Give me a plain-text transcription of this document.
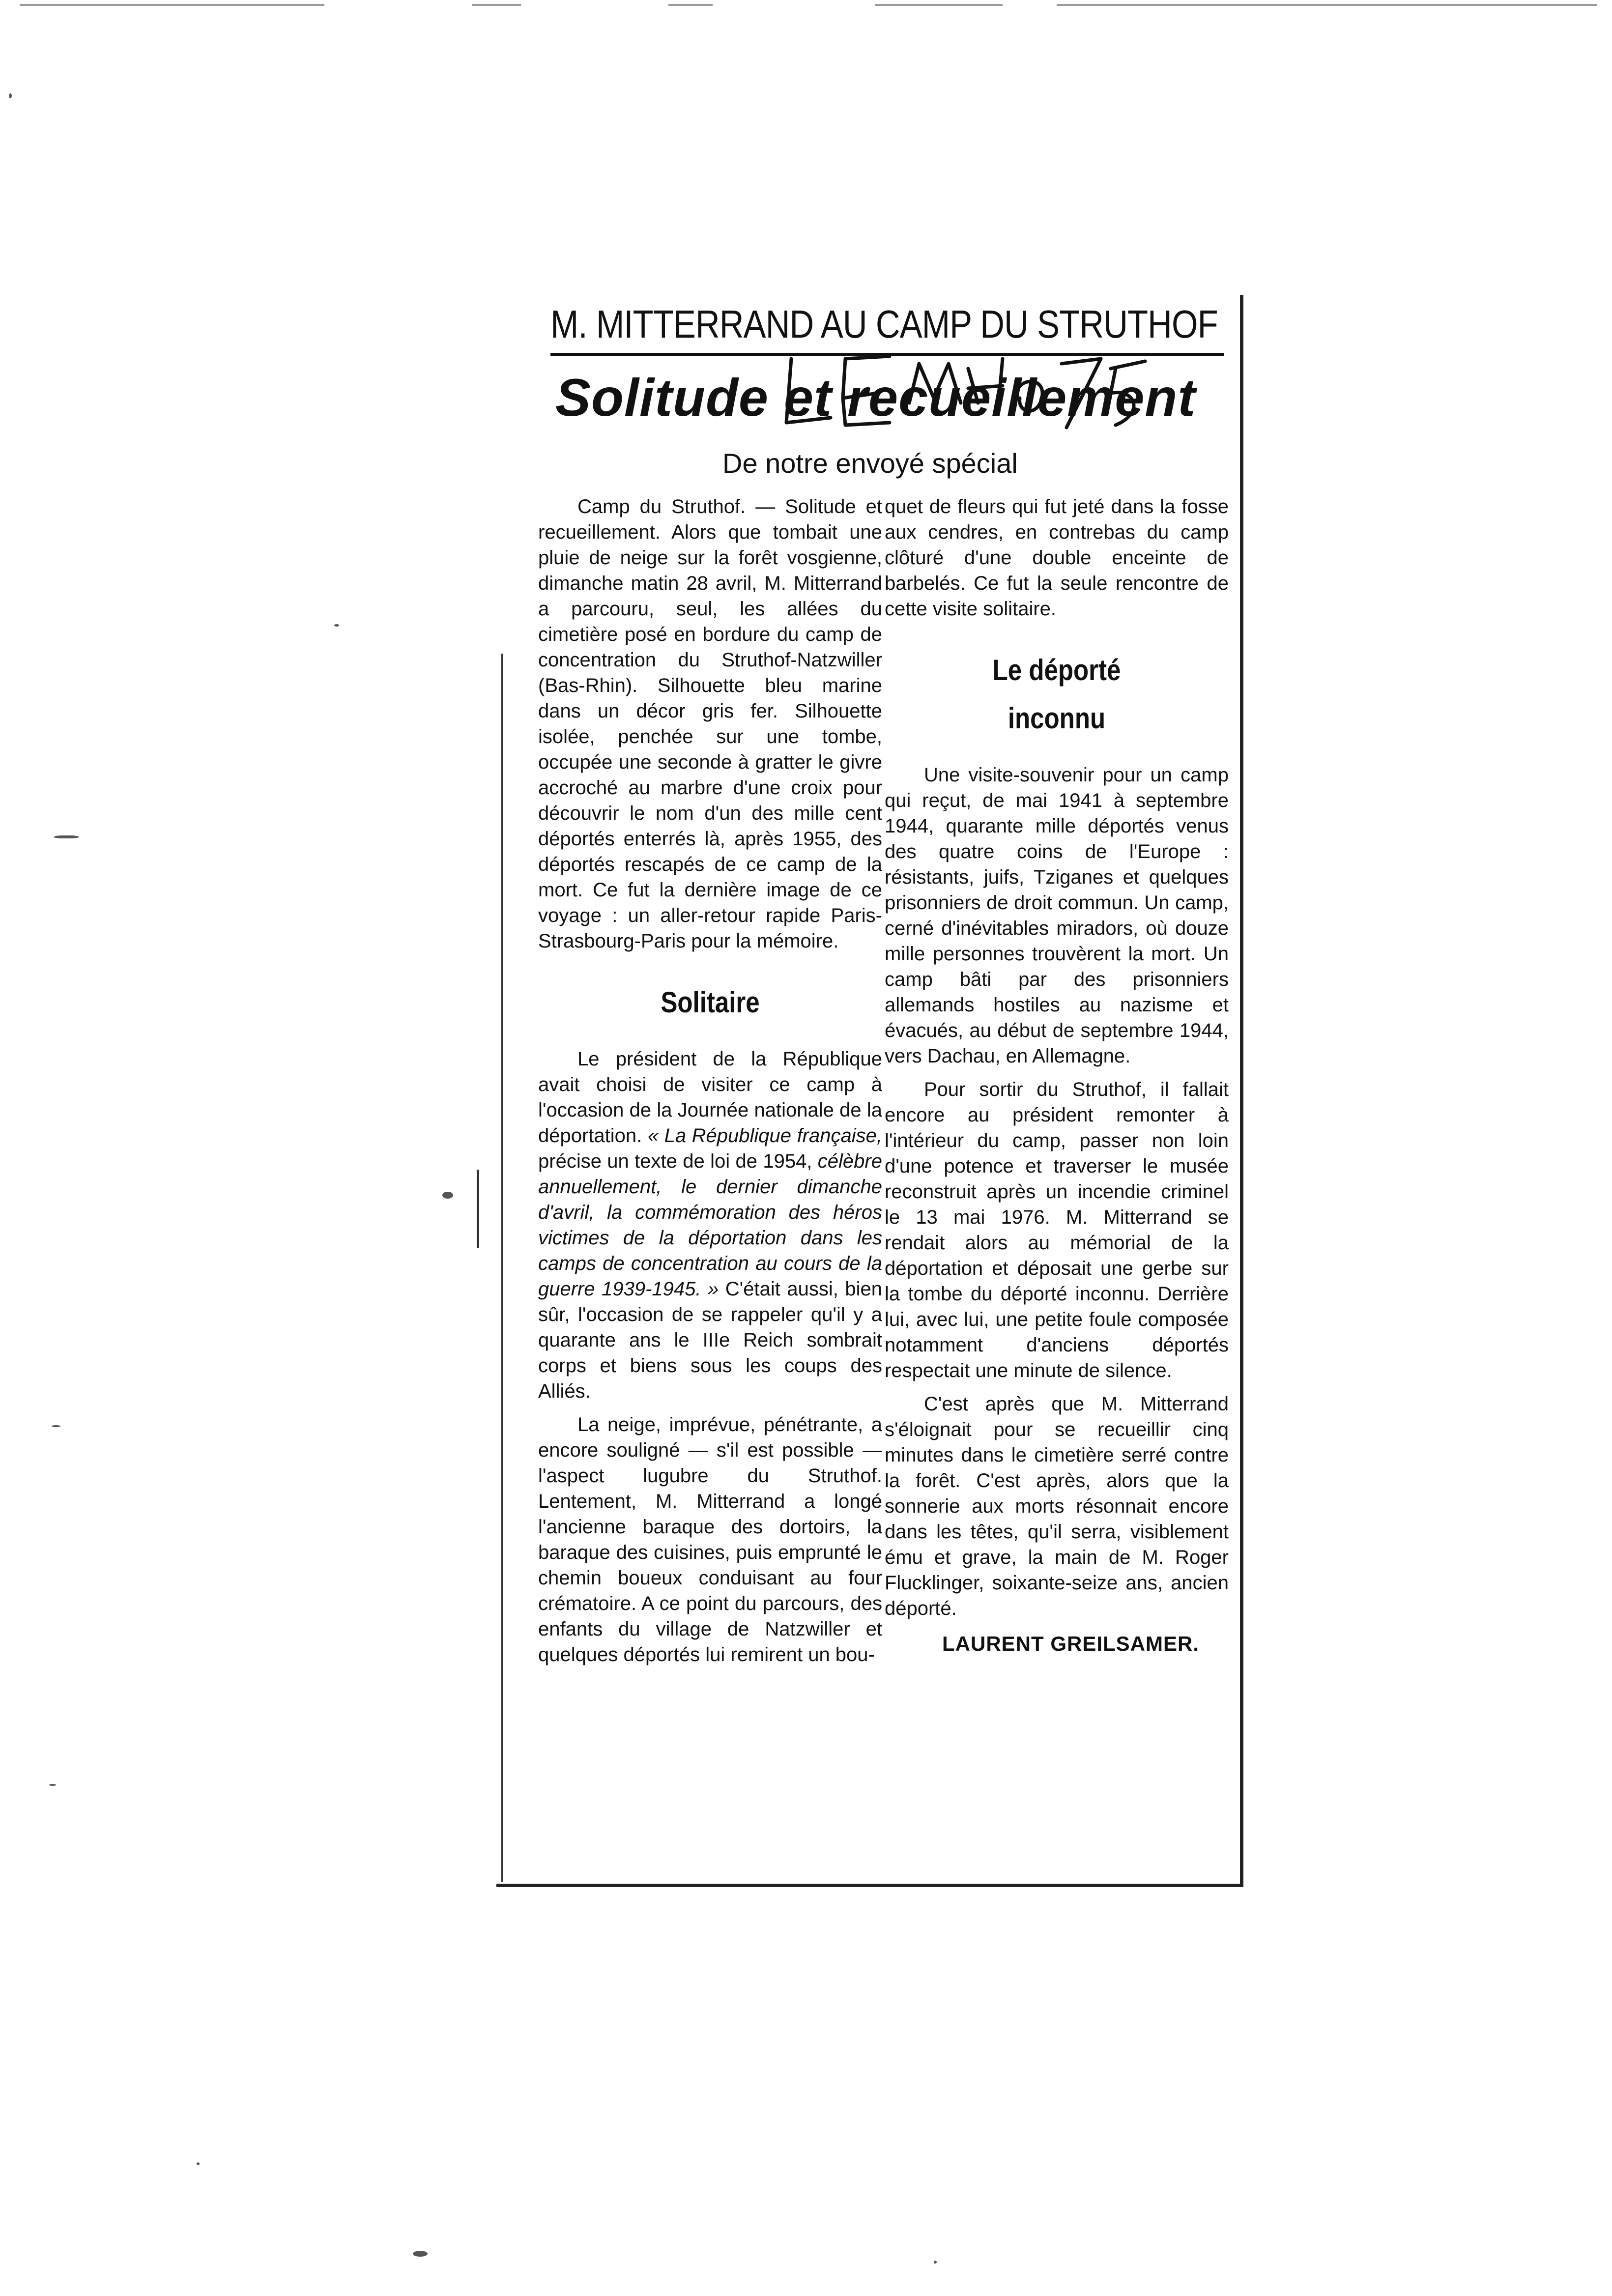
M. MITTERRAND AU CAMP DU STRUTHOF
Solitude et recueillement
De notre envoyé spécial

Camp du Struthof. — Solitude et recueillement. Alors que tombait une pluie de neige sur la forêt vosgienne, dimanche matin 28 avril, M. Mitterrand a parcouru, seul, les allées du cimetière posé en bordure du camp de concentration du Struthof-Natzwiller (Bas-Rhin). Silhouette bleu marine dans un décor gris fer. Silhouette isolée, penchée sur une tombe, occupée une seconde à gratter le givre accroché au marbre d'une croix pour découvrir le nom d'un des mille cent déportés enterrés là, après 1955, des déportés rescapés de ce camp de la mort. Ce fut la dernière image de ce voyage : un aller-retour rapide Paris-Strasbourg-Paris pour la mémoire.

Solitaire

Le président de la République avait choisi de visiter ce camp à l'occasion de la Journée nationale de la déportation. « La République française, précise un texte de loi de 1954, célèbre annuellement, le dernier dimanche d'avril, la commémoration des héros victimes de la déportation dans les camps de concentration au cours de la guerre 1939-1945. » C'était aussi, bien sûr, l'occasion de se rappeler qu'il y a quarante ans le IIIe Reich sombrait corps et biens sous les coups des Alliés.

La neige, imprévue, pénétrante, a encore souligné — s'il est possible — l'aspect lugubre du Struthof. Lentement, M. Mitterrand a longé l'ancienne baraque des dortoirs, la baraque des cuisines, puis emprunté le chemin boueux conduisant au four crématoire. A ce point du parcours, des enfants du village de Natzwiller et quelques déportés lui remirent un bou-

quet de fleurs qui fut jeté dans la fosse aux cendres, en contrebas du camp clôturé d'une double enceinte de barbelés. Ce fut la seule rencontre de cette visite solitaire.

Le déporté
inconnu

Une visite-souvenir pour un camp qui reçut, de mai 1941 à septembre 1944, quarante mille déportés venus des quatre coins de l'Europe : résistants, juifs, Tziganes et quelques prisonniers de droit commun. Un camp, cerné d'inévitables miradors, où douze mille personnes trouvèrent la mort. Un camp bâti par des prisonniers allemands hostiles au nazisme et évacués, au début de septembre 1944, vers Dachau, en Allemagne.

Pour sortir du Struthof, il fallait encore au président remonter à l'intérieur du camp, passer non loin d'une potence et traverser le musée reconstruit après un incendie criminel le 13 mai 1976. M. Mitterrand se rendait alors au mémorial de la déportation et déposait une gerbe sur la tombe du déporté inconnu. Derrière lui, avec lui, une petite foule composée notamment d'anciens déportés respectait une minute de silence.

C'est après que M. Mitterrand s'éloignait pour se recueillir cinq minutes dans le cimetière serré contre la forêt. C'est après, alors que la sonnerie aux morts résonnait encore dans les têtes, qu'il serra, visiblement ému et grave, la main de M. Roger Flucklinger, soixante-seize ans, ancien déporté.

LAURENT GREILSAMER.
